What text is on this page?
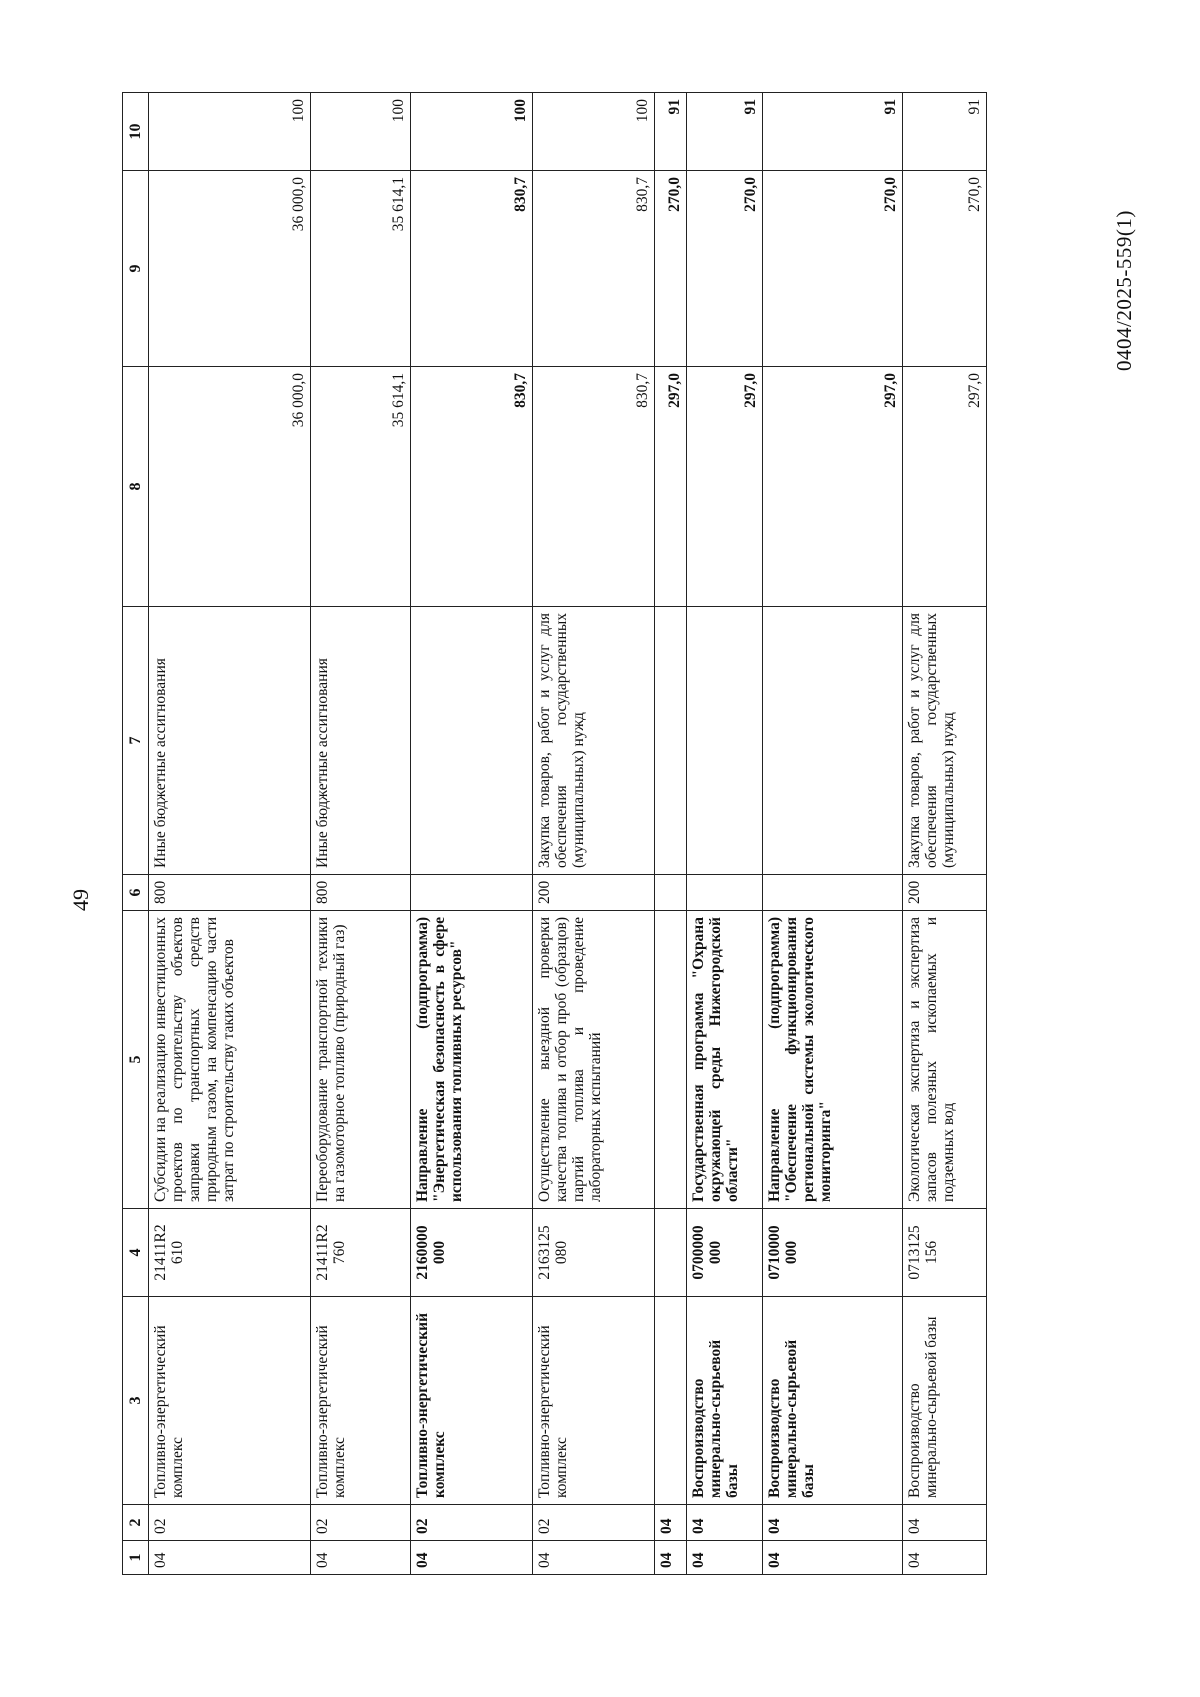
49
1	2	3	4	5	6	7	8	9	10
04	02	Топливно-энергетический комплекс	21411R2 610	Субсидии на реализацию инвестиционных проектов по строительству объектов заправки транспортных средств природным газом, на компенсацию части затрат по строительству таких объектов	800	Иные бюджетные ассигнования	36 000,0	36 000,0	100
04	02	Топливно-энергетический комплекс	21411R2 760	Переоборудование транспортной техники на газомоторное топливо (природный газ)	800	Иные бюджетные ассигнования	35 614,1	35 614,1	100
04	02	Топливно-энергетический комплекс	2160000 000	Направление (подпрограмма) "Энергетическая безопасность в сфере использования топливных ресурсов"			830,7	830,7	100
04	02	Топливно-энергетический комплекс	2163125 080	Осуществление выездной проверки качества топлива и отбор проб (образцов) партий топлива и проведение лабораторных испытаний	200	Закупка товаров, работ и услуг для обеспечения государственных (муниципальных) нужд	830,7	830,7	100
04	04						297,0	270,0	91
04	04	Воспроизводство минерально-сырьевой базы	0700000 000	Государственная программа "Охрана окружающей среды Нижегородской области"			297,0	270,0	91
04	04	Воспроизводство минерально-сырьевой базы	0710000 000	Направление (подпрограмма) "Обеспечение функционирования региональной системы экологического мониторинга"			297,0	270,0	91
04	04	Воспроизводство минерально-сырьевой базы	0713125 156	Экологическая экспертиза и экспертиза запасов полезных ископаемых и подземных вод	200	Закупка товаров, работ и услуг для обеспечения государственных (муниципальных) нужд	297,0	270,0	91
0404/2025-559(1)
